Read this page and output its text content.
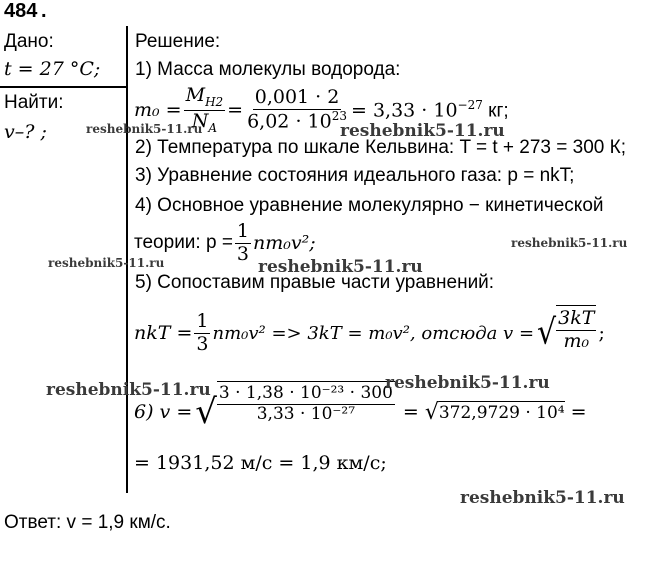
484 .
Дано:
t = 27 °C;
Найти:
v–? ;
Решение:
1) Масса молекулы водорода:
$m_0 = \frac{M_{H2}}{N_A} = \frac{0,001 \cdot 2}{6,02 \cdot 10^{23}} = 3,33 \cdot 10^{-27}$ кг;
2) Температура по шкале Кельвина: T = t + 273 = 300 К;
3) Уравнение состояния идеального газа: p = nkT;
4) Основное уравнение молекулярно − кинетической
теории: $p = \frac{1}{3} nm_0v^2$;
5) Сопоставим правые части уравнений:
nkT = $\frac{1}{3} nm_0v^2 => 3kT = m_0v^2$, отсюда v = √ $\frac{3kT}{\text{m₀}}$ ;
6) v = √ $\frac{\text{3 · 1,38 · 10⁻²³ · 300}}{\text{3,33 · 10⁻²⁷}}$ = √ 372,9729 · 10⁴ =
= 1931,52 м/с = 1,9 км/с;
Ответ: v = 1,9 км/с.
reshebnik5-11.ru	reshebnik5-11.ru
reshebnik5-11.ru
reshebnik5-11.ru	reshebnik5-11.ru
reshebnik5-11.ru	reshebnik5-11.ru
reshebnik5-11.ru
